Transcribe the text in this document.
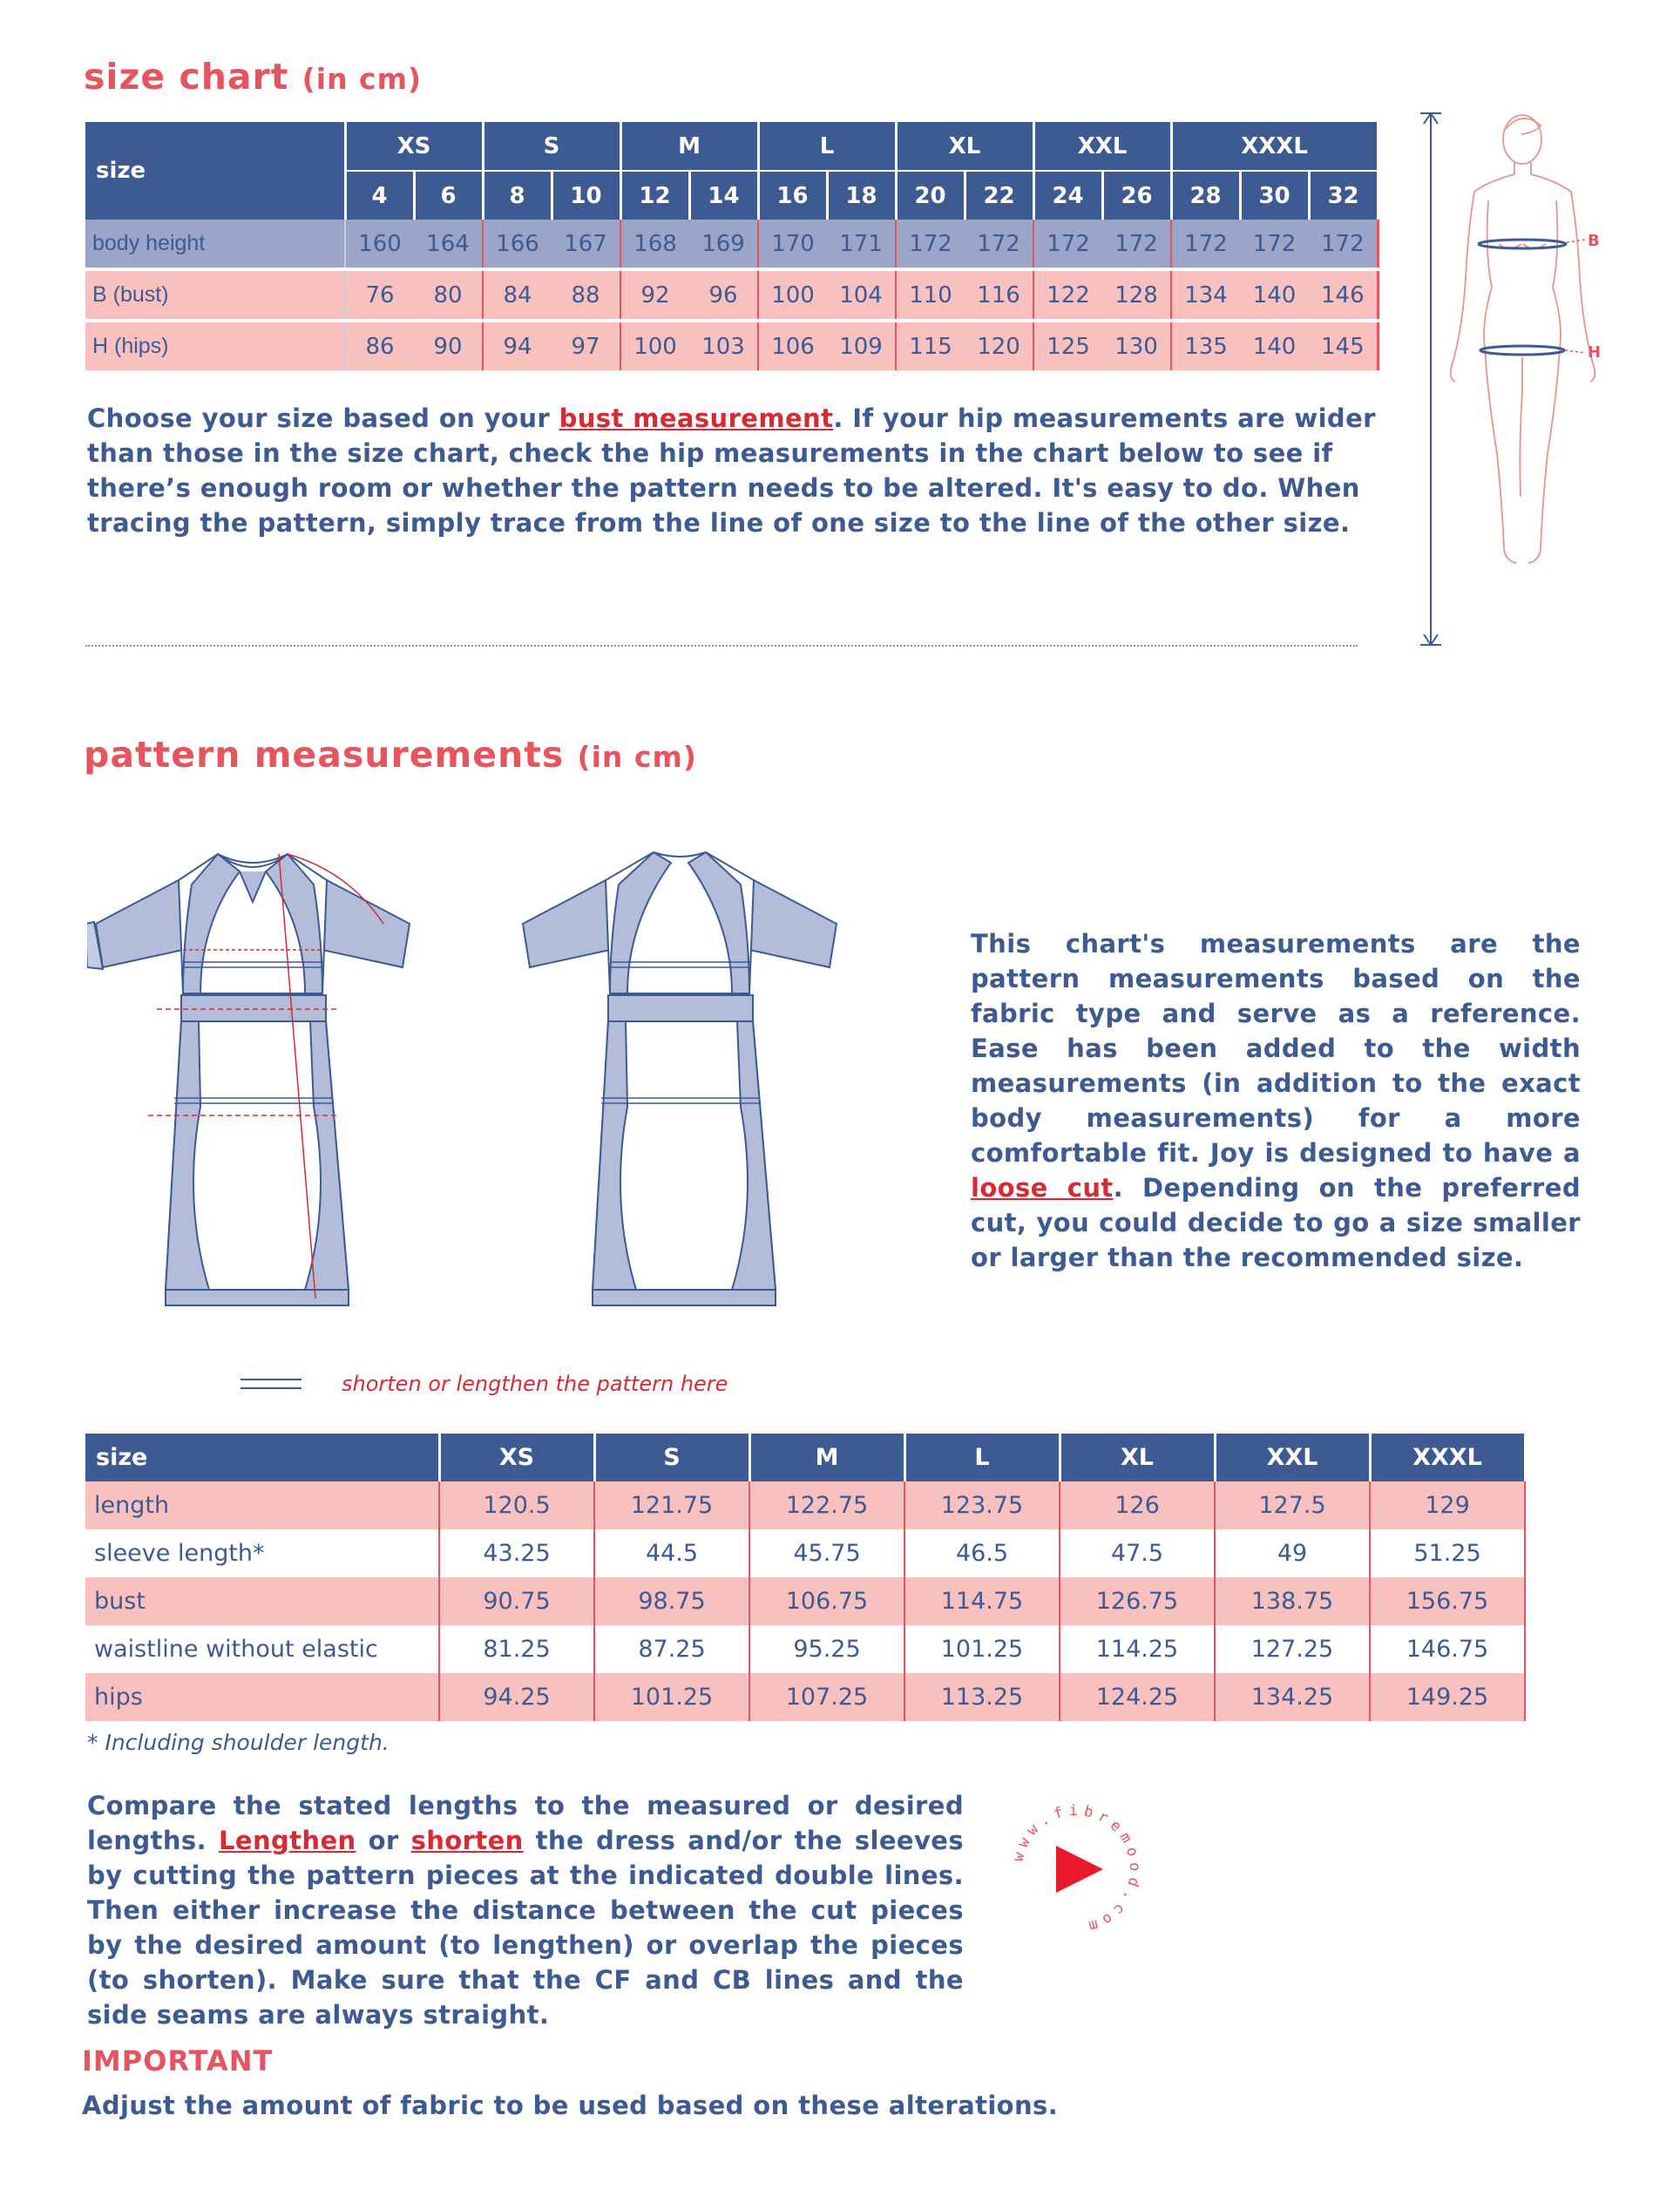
size chart (in cm)
size	XS		S		M		L		XL		XXL		XXXL		
	4	6	8	10	12	14	16	18	20	22	24	26	28	30	32
body height	160	164	166	167	168	169	170	171	172	172	172	172	172	172	172
B (bust)	76	80	84	88	92	96	100	104	110	116	122	128	134	140	146
H (hips)	86	90	94	97	100	103	106	109	115	120	125	130	135	140	145
B
H
Choose your size based on your bust measurement. If your hip measurements are wider than those in the size chart, check the hip measurements in the chart below to see if there’s enough room or whether the pattern needs to be altered. It's easy to do. When tracing the pattern, simply trace from the line of one size to the line of the other size.
pattern measurements (in cm)
This chart's measurements are the pattern measurements based on the fabric type and serve as a reference. Ease has been added to the width measurements (in addition to the exact body measurements) for a more comfortable fit. Joy is designed to have a loose cut. Depending on the preferred cut, you could decide to go a size smaller or larger than the recommended size.
shorten or lengthen the pattern here
size	XS	S	M	L	XL	XXL	XXXL
length	120.5	121.75	122.75	123.75	126	127.5	129
sleeve length*	43.25	44.5	45.75	46.5	47.5	49	51.25
bust	90.75	98.75	106.75	114.75	126.75	138.75	156.75
waistline without elastic	81.25	87.25	95.25	101.25	114.25	127.25	146.75
hips	94.25	101.25	107.25	113.25	124.25	134.25	149.25
* Including shoulder length.
Compare the stated lengths to the measured or desired lengths. Lengthen or shorten the dress and/or the sleeves by cutting the pattern pieces at the indicated double lines. Then either increase the distance between the cut pieces by the desired amount (to lengthen) or overlap the pieces (to shorten). Make sure that the CF and CB lines and the side seams are always straight.
www.fibremood.com
IMPORTANT
Adjust the amount of fabric to be used based on these alterations.
